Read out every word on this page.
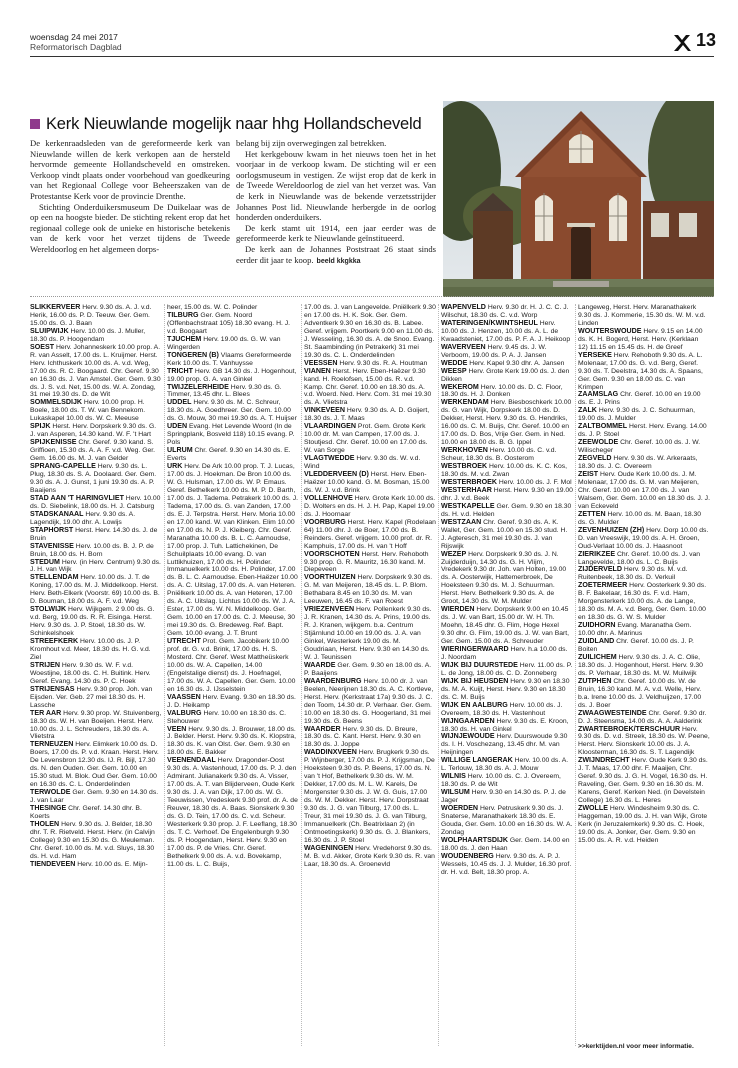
woensdag 24 mei 2017
Reformatorisch Dagblad	13
Kerk Nieuwlande mogelijk naar hhg Hollandscheveld

De kerkenraadsleden van de gereformeerde kerk van Nieuwlande willen de kerk verkopen aan de hersteld hervormde gemeente Hollandscheveld en omstreken. Verkoop vindt plaats onder voorbehoud van goedkeuring van het Regionaal College voor Beheerszaken van de Protestantse Kerk voor de provincie Drenthe.

Stichting Onderduikersmuseum De Duikelaar was de op een na hoogste bieder. De stichting rekent erop dat het regionaal college ook de unieke en historische betekenis van de kerk voor het verzet tijdens de Tweede Wereldoorlog en het algemeen dorps-

belang bij zijn overwegingen zal betrekken.

Het kerkgebouw kwam in het nieuws toen het in het voorjaar in de verkoop kwam. De stichting wil er een oorlogsmuseum in vestigen. Ze wijst erop dat de kerk in de Tweede Wereldoorlog de ziel van het verzet was. Van de kerk in Nieuwlande was de bekende verzetsstrijder Johannes Post lid. Nieuwlande herbergde in de oorlog honderden onderduikers.

De kerk stamt uit 1914, een jaar eerder was de gereformeerde kerk te Nieuwlande geïnstitueerd.

De kerk aan de Johannes Poststraat 26 staat sinds eerder dit jaar te koop. beeld kkgkka

SLIKKERVEER Herv. 9.30 ds. A. J. v.d. Herik, 16.00 ds. P. D. Teeuw. Ger. Gem. 15.00 ds. G. J. Baan

SLUIPWIJK Herv. 10.00 ds. J. Muller, 18.30 ds. P. Hoogendam

SOEST Herv. Johanneskerk 10.00 prop. A. R. van Asselt, 17.00 ds. L. Kruijmer. Herst. Herv. Ichthuskerk 10.00 ds. A. v.d. Weg, 17.00 ds. R. C. Boogaard. Chr. Geref. 9.30 en 16.30 ds. J. Van Amstel. Ger. Gem. 9.30 ds. J. S. v.d. Net, 15.00 ds. W. A. Zondag, 31 mei 19.30 ds. D. de Wit

SOMMELSDIJK Herv. 10.00 prop. H. Boele, 18.00 ds. T. W. van Bennekom. Lukaskapel 10.00 ds. W. C. Meeuse

SPIJK Herst. Herv. Dorpskerk 9.30 ds. G. J. van Asperen, 14.30 kand. W. F. 't Hart

SPIJKENISSE Chr. Geref. 9.30 kand. S. Griffioen, 15.30 ds. A. A. F. v.d. Weg. Ger. Gem. 16.00 ds. M. J. van Gelder

SPRANG-CAPELLE Herv. 9.30 ds. L. Plug, 18.30 ds. S. A. Doolaard. Ger. Gem. 9.30 ds. A. J. Gunst, 1 juni 19.30 ds. A. P. Baaijens

STAD AAN 'T HARINGVLIET Herv. 10.00 ds. D. Siebelink, 18.00 ds. H. J. Catsburg

STADSKANAAL Herv. 9.30 ds. A. Lagendijk, 19.00 dhr. A. Lowijs

STAPHORST Herst. Herv. 14.30 ds. J. de Bruin

STAVENISSE Herv. 10.00 ds. B. J. P. de Bruin, 18.00 ds. H. Born

STEDUM Herv. (in Herv. Centrum) 9.30 ds. J. H. van Wijk

STELLENDAM Herv. 10.00 ds. J. T. de Koning, 17.00 ds. M. J. Middelkoop. Herst. Herv. Beth-Elkerk (Voorstr. 69) 10.00 ds. B. D. Bouman, 18.00 ds. A. F. v.d. Weg

STOLWIJK Herv. Wijkgem. 2 9.00 ds. G. v.d. Berg, 19.00 ds. R. R. Eisinga. Herst. Herv. 9.30 ds. J. P. Stoel, 18.30 ds. W. Schinkelshoek

STREEFKERK Herv. 10.00 ds. J. P. Kromhout v.d. Meer, 18.30 ds. H. G. v.d. Ziel

STRIJEN Herv. 9.30 ds. W. F. v.d. Woestijne, 18.00 ds. C. H. Buitink. Herv. Geref. Evang. 14.30 ds. P. C. Hoek

STRIJENSAS Herv. 9.30 prop. Joh. van Eijsden. Ver. Geb. 27 mei 18.30 ds. H. Lassche

TER AAR Herv. 9.30 prop. W. Stuivenberg, 18.30 ds. W. H. van Boeijen. Herst. Herv. 10.00 ds. J. L. Schreuders, 18.30 ds. A. Vlietstra

TERNEUZEN Herv. Elimkerk 10.00 ds. D. Boers, 17.00 ds. P. v.d. Kraan. Herst. Herv. De Levensbron 12.30 ds. IJ. R. Bijl, 17.30 ds. N. den Ouden. Ger. Gem. 10.00 en 15.30 stud. M. Blok. Oud Ger. Gem. 10.00 en 16.30 ds. C. L. Onderdelinden

TERWOLDE Ger. Gem. 9.30 en 14.30 ds. J. van Laar

THESINGE Chr. Geref. 14.30 dhr. B. Koerts

THOLEN Herv. 9.30 ds. J. Belder, 18.30 dhr. T. R. Rietveld. Herst. Herv. (in Calvijn College) 9.30 en 15.30 ds. G. Meuleman. Chr. Geref. 10.00 ds. M. v.d. Sluys, 18.30 ds. H. v.d. Ham

TIENDEVEEN Herv. 10.00 ds. E. Mijn-

heer, 15.00 ds. W. C. Polinder

TILBURG Ger. Gem. Noord (Offenbachstraat 105) 18.30 evang. H. J. v.d. Boogaart

TJUCHEM Herv. 19.00 ds. G. W. van Wingerden

TONGEREN (B) Vlaams Gereformeerde Kerk 10.00 ds. T. Vanhuysse

TRICHT Herv. GB 14.30 ds. J. Hogenhout, 19.00 prop. G. A. van Ginkel

TWIJZELERHEIDE Herv. 9.30 ds. G. Timmer, 13.45 dhr. L. Blees

UDDEL Herv. 9.30 ds. M. C. Schreur, 18.30 ds. A. Goedhreer. Ger. Gem. 10.00 ds. G. Mouw, 30 mei 19.30 ds. A. T. Huijser

UDEN Evang. Het Levende Woord (In de Springplank, Bosveld 118) 10.15 evang. P. Pols

ULRUM Chr. Geref. 9.30 en 14.30 ds. E. Everts

URK Herv. De Ark 10.00 prop. T. J. Lucas, 17.00 ds. J. Hoekman. De Bron 10.00 ds. W. G. Hulsman, 17.00 ds. W. P. Emaus. Geref. Bethelkerk 10.00 ds. M. P. D. Barth, 17.00 ds. J. Tadema. Petrakerk 10.00 ds. J. Tadema, 17.00 ds. G. van Zanden, 17.00 ds. E. J. Terpstra. Herst. Herv. Moria 10.00 en 17.00 kand. W. van Klinken. Elim 10.00 en 17.00 ds. N. P. J. Kleiberg. Chr. Geref. Maranatha 10.00 ds. B. L. C. Aarnoudse, 17.00 prop. J. Tuh. Lattichekinen, De Schuilplaats 10.00 evang. D. van Luttikhuizen, 17.00 ds. H. Polinder. Immanuelkerk 10.00 ds. H. Polinder, 17.00 ds. B. L. C. Aarnoudse. Eben-Haëzer 10.00 ds. A. C. Uitslag, 17.00 ds. A. van Heteren. Pniëlkerk 10.00 ds. A. van Heteren, 17.00 ds. A. C. Uitslag. Lichtus 10.00 ds. W. J. A. Ester, 17.00 ds. W. N. Middelkoop. Ger. Gem. 10.00 en 17.00 ds. C. J. Meeuse, 30 mei 19.30 ds. G. Bredeweg. Ref. Bapt. Gem. 10.00 evang. J. T. Brunt

UTRECHT Prot. Gem. Jacobikerk 10.00 prof. dr. G. v.d. Brink, 17.00 ds. H. S. Mosterd. Chr. Geref. West Mattheüskerk 10.00 ds. W. A. Capellen, 14.00 (Engelstalige dienst) ds. J. Hoefnagel, 17.00 ds. W. A. Capellen. Ger. Gem. 10.00 en 16.30 ds. J. IJsselstein

VAASSEN Herv. Evang. 9.30 en 18.30 ds. J. D. Heikamp

VALBURG Herv. 10.00 en 18.30 ds. C. Stehouwer

VEEN Herv. 9.30 ds. J. Brouwer, 18.00 ds. J. Belder. Herst. Herv. 9.30 ds. K. Klopstra, 18.30 ds. K. van Olst. Ger. Gem. 9.30 en 18.00 ds. E. Bakker

VEENENDAAL Herv. Dragonder-Oost 9.30 ds. A. Vastenhoud, 17.00 ds. P. J. den Admirant. Julianakerk 9.30 ds. A. Visser, 17.00 ds. A. T. van Blijderveen, Oude Kerk 9.30 ds. J. A. van Dijk, 17.00 ds. W. G. Teeuwissen, Vredeskerk 9.30 prof. dr. A. de Reuver, 18.30 ds. A. Baas. Sionskerk 9.30 ds. G. D. Tein, 17.00 ds. C. v.d. Scheur. Westerkerk 9.30 prop. J. F. Leeflang, 18.30 ds. T. C. Verhoef. De Engelenburgh 9.30 ds. P. Hoogendam, Herst. Herv. 9.30 en 17.00 ds. P. de Vries. Chr. Geref. Bethelkerk 9.00 ds. A. v.d. Bovekamp, 11.00 ds. L. C. Buijs,

17.00 ds. J. van Langevelde. Pniëlkerk 9.30 en 17.00 ds. H. K. Sok. Ger. Gem. Adventkerk 9.30 en 16.30 ds. B. Labee. Geref. vrijgem. Poortkerk 9.00 en 11.00 ds. J. Wesseling, 16.30 ds. A. de Snoo. Evang. St. Saambinding (in Petrakerk) 31 mei 19.30 ds. C. L. Onderdelinden

VEESSEN Herv. 9.30 ds. R. A. Houtman

VIANEN Herst. Herv. Eben-Haëzer 9.30 kand. H. Roelofsen, 15.00 ds. R. v.d. Kamp. Chr. Geref. 10.00 en 18.30 ds. A. v.d. Woerd. Ned. Herv. Com. 31 mei 19.30 ds. A. Vlietstra

VINKEVEEN Herv. 9.30 ds. A. D. Goijert, 18.30 ds. J. T. Maas

VLAARDINGEN Prot. Gem. Grote Kerk 10.00 dr. M. van Campen, 17.00 ds. J. Stoutjesd. Chr. Geref. 10.00 en 17.00 ds. W. van Sorge

VLAGTWEDDE Herv. 9.30 ds. W. v.d. Wind

VLEDDERVEEN (D) Herst. Herv. Eben-Haëzer 10.00 kand. G. M. Bosman, 15.00 ds. W. J. v.d. Brink

VOLLENHOVE Herv. Grote Kerk 10.00 ds. D. Wolters en ds. H. J. H. Pap, Kapel 19.00 ds. J. Hoornaar

VOORBURG Herst. Herv. Kapel (Rodelaan 64) 11.00 dhr. J. de Boer, 17.00 ds. B. Reinders. Geref. vrijgem. 10.00 prof. dr. R. Kamphuis, 17.00 ds. H. van 't Hoff

VOORSCHOTEN Herst. Herv. Rehoboth 9.30 prop. G. R. Mauritz, 16.30 kand. M. Diepeveen

VOORTHUIZEN Herv. Dorpskerk 9.30 ds. G. M. van Meijeren, 18.45 ds. L. P. Blom. Bethabara 8.45 en 10.30 ds. M. van Leeuwen, 16.45 ds. F. van Roest

VRIEZENVEEN Herv. Pollenkerk 9.30 ds. J. R. Kranen, 14.30 ds. A. Prins, 19.00 ds. R. J. Kranen, wijkgem. b.a. Centrum Stjärnlund 10.00 en 19.00 ds. J. A. van Ginkel, Westerkerk 19.00 ds. M. Goudriaan, Herst. Herv. 9.30 en 14.30 ds. W. J. Teunissen

WAARDE Ger. Gem. 9.30 en 18.00 ds. A. P. Baaijens

WAARDENBURG Herv. 10.00 dr. J. van Beelen, Neerijnen 18.30 ds. A. C. Kortleve, Herst. Herv. (Kerkstraat 17a) 9.30 ds. J. C. den Toom, 14.30 dr. P. Verhaar. Ger. Gem. 10.00 en 18.30 ds. G. Hoogerland, 31 mei 19.30 ds. G. Beens

WAARDER Herv. 9.30 ds. D. Breure, 18.30 ds. C. Kant. Herst. Herv. 9.30 en 18.30 ds. J. Joppe

WADDINXVEEN Herv. Brugkerk 9.30 ds. P. Wijnberger, 17.00 ds. P. J. Krijgsman, De Hoeksteen 9.30 ds. P. Beens, 17.00 ds. N. van 't Hof, Bethelkerk 9.30 ds. W. M. Dekker, 17.00 ds. M. L. W. Karels, De Morgenster 9.30 ds. J. W. G. Guis, 17.00 ds. W. M. Dekker. Herst. Herv. Dorpstraat 9.30 ds. J. G. van Tilburg, 17.00 ds. L. Treur, 31 mei 19.30 ds. J. G. van Tilburg, Immanuelkerk (Ch. Beatrixlaan 2) (in Ontmoetingskerk) 9.30 ds. G. J. Blankers, 16.30 ds. J. P. Stoel

WAGENINGEN Herv. Vredehorst 9.30 ds. M. B. v.d. Akker, Grote Kerk 9.30 ds. R. van Laar, 18.30 ds. A. Groenevld

WAPENVELD Herv. 9.30 dr. H. J. C. C. J. Wilschut, 18.30 ds. C. v.d. Worp

WATERINGEN/KWINTSHEUL Herv. 10.00 ds. J. Henzen, 10.00 ds. A. L. de Kwaadsteniet, 17.00 ds. P. F. A. J. Heikoop

WAVERVEEN Herv. 9.45 ds. J. W. Verboom, 19.00 ds. P. A. J. Jansen

WEDDE Herv. Kapel 9.30 dhr. A. Jansen

WEESP Herv. Grote Kerk 19.00 ds. J. den Dikken

WEKEROM Herv. 10.00 ds. D. C. Floor, 18.30 ds. H. J. Donken

WERKENDAM Herv. Biesboschkerk 10.00 ds. G. van Wijk, Dorpskerk 18.00 ds. D. Dekker, Herst. Herv. 9.30 ds. G. Hendriks, 16.00 ds. C. M. Buijs, Chr. Geref. 10.00 en 17.00 ds. D. Bos, Vrije Ger. Gem. in Ned. 10.00 en 18.00 ds. B. G. Ippel

WERKHOVEN Herv. 10.00 ds. C. v.d. Scheur, 18.30 ds. B. Oosterom

WESTBROEK Herv. 10.00 ds. K. C. Kos, 18.30 ds. M. v.d. Zwan

WESTERBROEK Herv. 10.00 ds. J. F. Mol

WESTERHAAR Herst. Herv. 9.30 en 19.00 dhr. J. v.d. Beek

WESTKAPELLE Ger. Gem. 9.30 en 18.30 ds. H. v.d. Helden

WESTZAAN Chr. Geref. 9.30 ds. A. K. Wallet, Ger. Gem. 10.00 en 15.30 stud. H. J. Agteresch, 31 mei 19.30 ds. J. van Rijswijk

WEZEP Herv. Dorpskerk 9.30 ds. J. N. Zuijderduijn, 14.30 ds. G. H. Vlijm, Vredekerk 9.30 dr. Joh. van Holten, 19.00 ds. A. Oosterwijk, Hattemerbroek, De Hoeksteen 9.30 ds. M. J. Schuurman. Herst. Herv. Bethelkerk 9.30 ds. A. de Groot, 14.30 ds. W. M. Mulder

WIERDEN Herv. Dorpskerk 9.00 en 10.45 ds. J. W. van Bart, 15.00 dr. W. H. Th. Moehn, 18.45 dhr. G. Flim, Hoge Hexel 9.30 dhr. G. Flim, 19.00 ds. J. W. van Bart, Ger. Gem. 15.00 ds. A. Schreuder

WIERINGERWAARD Herv. h.a 10.00 ds. J. Noordam

WIJK BIJ DUURSTEDE Herv. 11.00 ds. P. L. de Jong, 18.00 ds. C. D. Zonneberg

WIJK BIJ HEUSDEN Herv. 9.30 en 18.30 ds. M. A. Kuijt, Herst. Herv. 9.30 en 18.30 ds. C. M. Buijs

WIJK EN AALBURG Herv. 10.00 ds. J. Overeem, 18.30 ds. H. Vastenhout

WIJNGAARDEN Herv. 9.30 ds. E. Kroon, 18.30 ds. H. van Ginkel

WIJNJEWOUDE Herv. Duurswoude 9.30 ds. I. H. Voschezang, 13.45 dhr. M. van Heijningen

WILLIGE LANGERAK Herv. 10.00 ds. A. L. Terlouw, 18.30 ds. A. J. Mouw

WILNIS Herv. 10.00 ds. C. J. Overeem, 18.30 ds. P. de Wit

WILSUM Herv. 9.30 en 14.30 ds. P. J. de Jager

WOERDEN Herv. Petruskerk 9.30 ds. J. Snaterse, Maranathakerk 18.30 ds. E. Gouda, Ger. Gem. 10.00 en 16.30 ds. W. A. Zondag

WOLPHAARTSDIJK Ger. Gem. 14.00 en 18.00 ds. J. den Haan

WOUDENBERG Herv. 9.30 ds. A. P. J. Wessels, 10.45 ds. J. J. Mulder, 16.30 prof. dr. H. v.d. Belt, 18.30 prop. A.

Langeweg, Herst. Herv. Maranathakerk 9.30 ds. J. Kommerie, 15.30 ds. W. M. v.d. Linden

WOUTERSWOUDE Herv. 9.15 en 14.00 ds. K. H. Bogerd, Herst. Herv. (Kerklaan 12) 11.15 en 15.45 ds. H. de Greef

YERSEKE Herv. Rehoboth 9.30 ds. A. L. Molenaar, 17.00 ds. G. v.d. Berg, Geref. 9.30 ds. T. Deelstra, 14.30 ds. A. Spaans, Ger. Gem. 9.30 en 18.00 ds. C. van Krimpen

ZAAMSLAG Chr. Geref. 10.00 en 19.00 ds. E. J. Prins

ZALK Herv. 9.30 ds. J. C. Schuurman, 19.00 ds. J. Mulder

ZALTBOMMEL Herst. Herv. Evang. 14.00 ds. J. P. Stoel

ZEEWOLDE Chr. Geref. 10.00 ds. J. W. Wilischeger

ZEGVELD Herv. 9.30 ds. W. Arkeraats, 18.30 ds. J. C. Overeem

ZEIST Herv. Oude Kerk 10.00 ds. J. M. Molenaar, 17.00 ds. G. M. van Meijeren, Chr. Geref. 10.00 en 17.00 ds. J. van Walsem, Ger. Gem. 10.00 en 18.30 ds. J. J. van Eckeveld

ZETTEN Herv. 10.00 ds. M. Baan, 18.30 ds. G. Mulder

ZEVENHUIZEN (ZH) Herv. Dorp 10.00 ds. D. van Vreeswijk, 19.00 ds. A. H. Groen, Oud-Verlaat 10.00 ds. J. Haasnoot

ZIERIKZEE Chr. Geref. 10.00 ds. J. van Langevelde, 18.00 ds. L. C. Buijs

ZIJDERVELD Herv. 9.30 ds. M. v.d. Ruitenbeek, 18.30 ds. D. Verkuil

ZOETERMEER Herv. Oosterkerk 9.30 ds. B. F. Bakelaar, 16.30 ds. F. v.d. Ham, Morgensterkerk 10.00 ds. A. de Lange, 18.30 ds. M. A. v.d. Berg, Ger. Gem. 10.00 en 18.30 ds. G. W. S. Mulder

ZUIDHORN Evang. Maranatha Gem. 10.00 dhr. A. Marinus

ZUIDLAND Chr. Geref. 10.00 ds. J. P. Boiten

ZUILICHEM Herv. 9.30 ds. J. A. C. Olie, 18.30 ds. J. Hogenhout, Herst. Herv. 9.30 ds. P. Verhaar, 18.30 ds. M. W. Muilwijk

ZUTPHEN Chr. Geref. 10.00 ds. W. de Bruin, 16.30 kand. M. A. v.d. Welle, Herv. b.a. Irene 10.00 ds. J. Veldhuijzen, 17.00 ds. J. Boer

ZWAAGWESTEINDE Chr. Geref. 9.30 dr. D. J. Steensma, 14.00 ds. A. A. Aalderink

ZWARTEBROEK/TERSCHUUR Herv. 9.30 ds. D. v.d. Streek, 18.30 ds. W. Peene, Herst. Herv. Sionskerk 10.00 ds. J. A. Kloosterman, 16.30 ds. S. T. Lagendijk

ZWIJNDRECHT Herv. Oude Kerk 9.30 ds. J. T. Maas, 17.00 dhr. F. Maaijen, Chr. Geref. 9.30 ds. J. G. H. Vogel, 16.30 ds. H. Raveling, Ger. Gem. 9.30 en 16.30 ds. M. Karens, Geref. Kerken Ned. (in Develstein College) 16.30 ds. L. Heres

ZWOLLE Herv. Windesheim 9.30 ds. C. Haggeman, 19.00 ds. J. H. van Wijk, Grote Kerk (in Jeruzalemkerk) 9.30 ds. C. Hoek, 19.00 ds. A. Jonker, Ger. Gem. 9.30 en 15.00 ds. A. R. v.d. Heiden

>>kerktijden.nl voor meer informatie.
